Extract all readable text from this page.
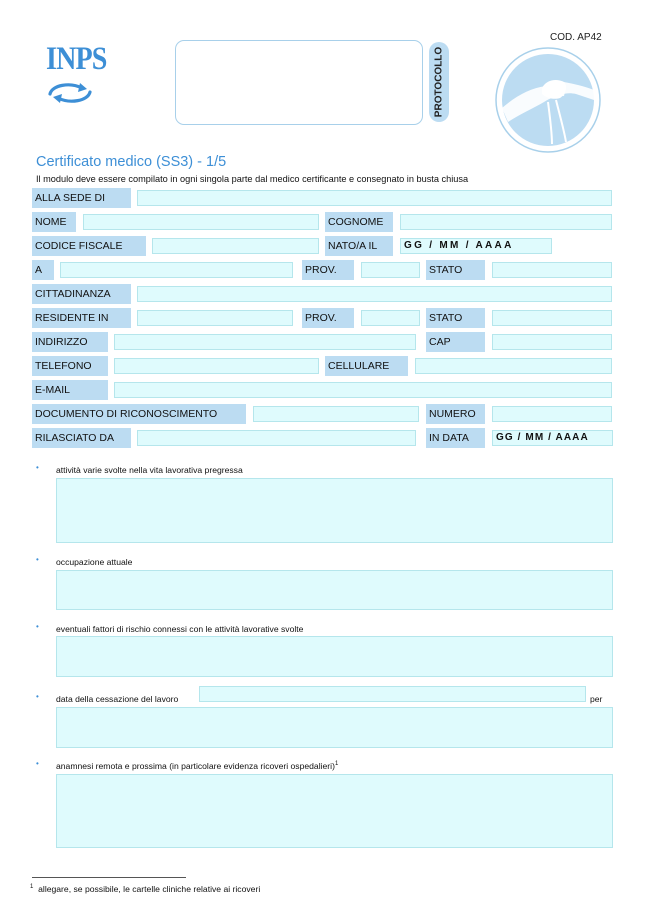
INPS	PROTOCOLLO
COD. AP42
Certificato medico (SS3) - 1/5
Il modulo deve essere compilato in ogni singola parte dal medico certificante e consegnato in busta chiusa
ALLA SEDE DI
NOME	COGNOME
CODICE FISCALE	NATO/A IL	GG / MM / AAAA
A	PROV.	STATO
CITTADINANZA
RESIDENTE IN	PROV.	STATO
INDIRIZZO	CAP
TELEFONO	CELLULARE
E-MAIL
DOCUMENTO DI RICONOSCIMENTO	NUMERO
RILASCIATO DA	IN DATA	GG / MM / AAAA
• attività varie svolte nella vita lavorativa pregressa
• occupazione attuale
• eventuali fattori di rischio connessi con le attività lavorative svolte
• data della cessazione del lavoro	per
• anamnesi remota e prossima (in particolare evidenza ricoveri ospedalieri)$^1$
$^1$ allegare, se possibile, le cartelle cliniche relative ai ricoveri
